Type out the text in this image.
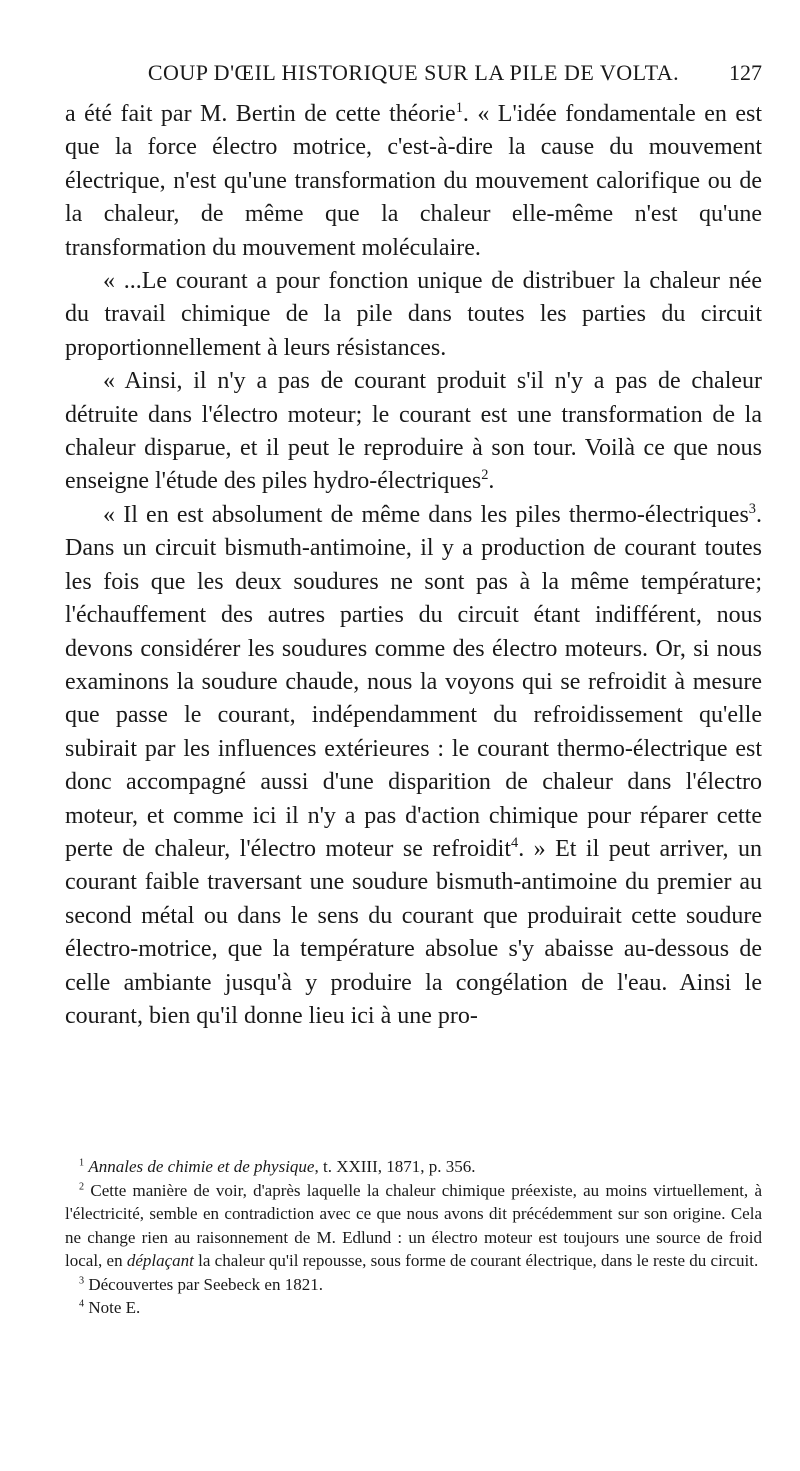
COUP D'ŒIL HISTORIQUE SUR LA PILE DE VOLTA.	127

a été fait par M. Bertin de cette théorie$^1$. « L'idée fondamentale en est que la force électro motrice, c'est-à-dire la cause du mouvement électrique, n'est qu'une transformation du mouvement calorifique ou de la chaleur, de même que la chaleur elle-même n'est qu'une transformation du mouvement moléculaire.

« ...Le courant a pour fonction unique de distribuer la chaleur née du travail chimique de la pile dans toutes les parties du circuit proportionnellement à leurs résistances.

« Ainsi, il n'y a pas de courant produit s'il n'y a pas de chaleur détruite dans l'électro moteur; le courant est une transformation de la chaleur disparue, et il peut le reproduire à son tour. Voilà ce que nous enseigne l'étude des piles hydro-électriques$^2$.

« Il en est absolument de même dans les piles thermo-électriques$^3$. Dans un circuit bismuth-antimoine, il y a production de courant toutes les fois que les deux soudures ne sont pas à la même température; l'échauffement des autres parties du circuit étant indifférent, nous devons considérer les soudures comme des électro moteurs. Or, si nous examinons la soudure chaude, nous la voyons qui se refroidit à mesure que passe le courant, indépendamment du refroidissement qu'elle subirait par les influences extérieures : le courant thermo-électrique est donc accompagné aussi d'une disparition de chaleur dans l'électro moteur, et comme ici il n'y a pas d'action chimique pour réparer cette perte de chaleur, l'électro moteur se refroidit$^4$. » Et il peut arriver, un courant faible traversant une soudure bismuth-antimoine du premier au second métal ou dans le sens du courant que produirait cette soudure électro-motrice, que la température absolue s'y abaisse au-dessous de celle ambiante jusqu'à y produire la congélation de l'eau. Ainsi le courant, bien qu'il donne lieu ici à une pro-

$^1$ Annales de chimie et de physique, t. XXIII, 1871, p. 356.

$^2$ Cette manière de voir, d'après laquelle la chaleur chimique préexiste, au moins virtuellement, à l'électricité, semble en contradiction avec ce que nous avons dit précédemment sur son origine. Cela ne change rien au raisonnement de M. Edlund : un électro moteur est toujours une source de froid local, en déplaçant la chaleur qu'il repousse, sous forme de courant électrique, dans le reste du circuit.

$^3$ Découvertes par Seebeck en 1821.

$^4$ Note E.
